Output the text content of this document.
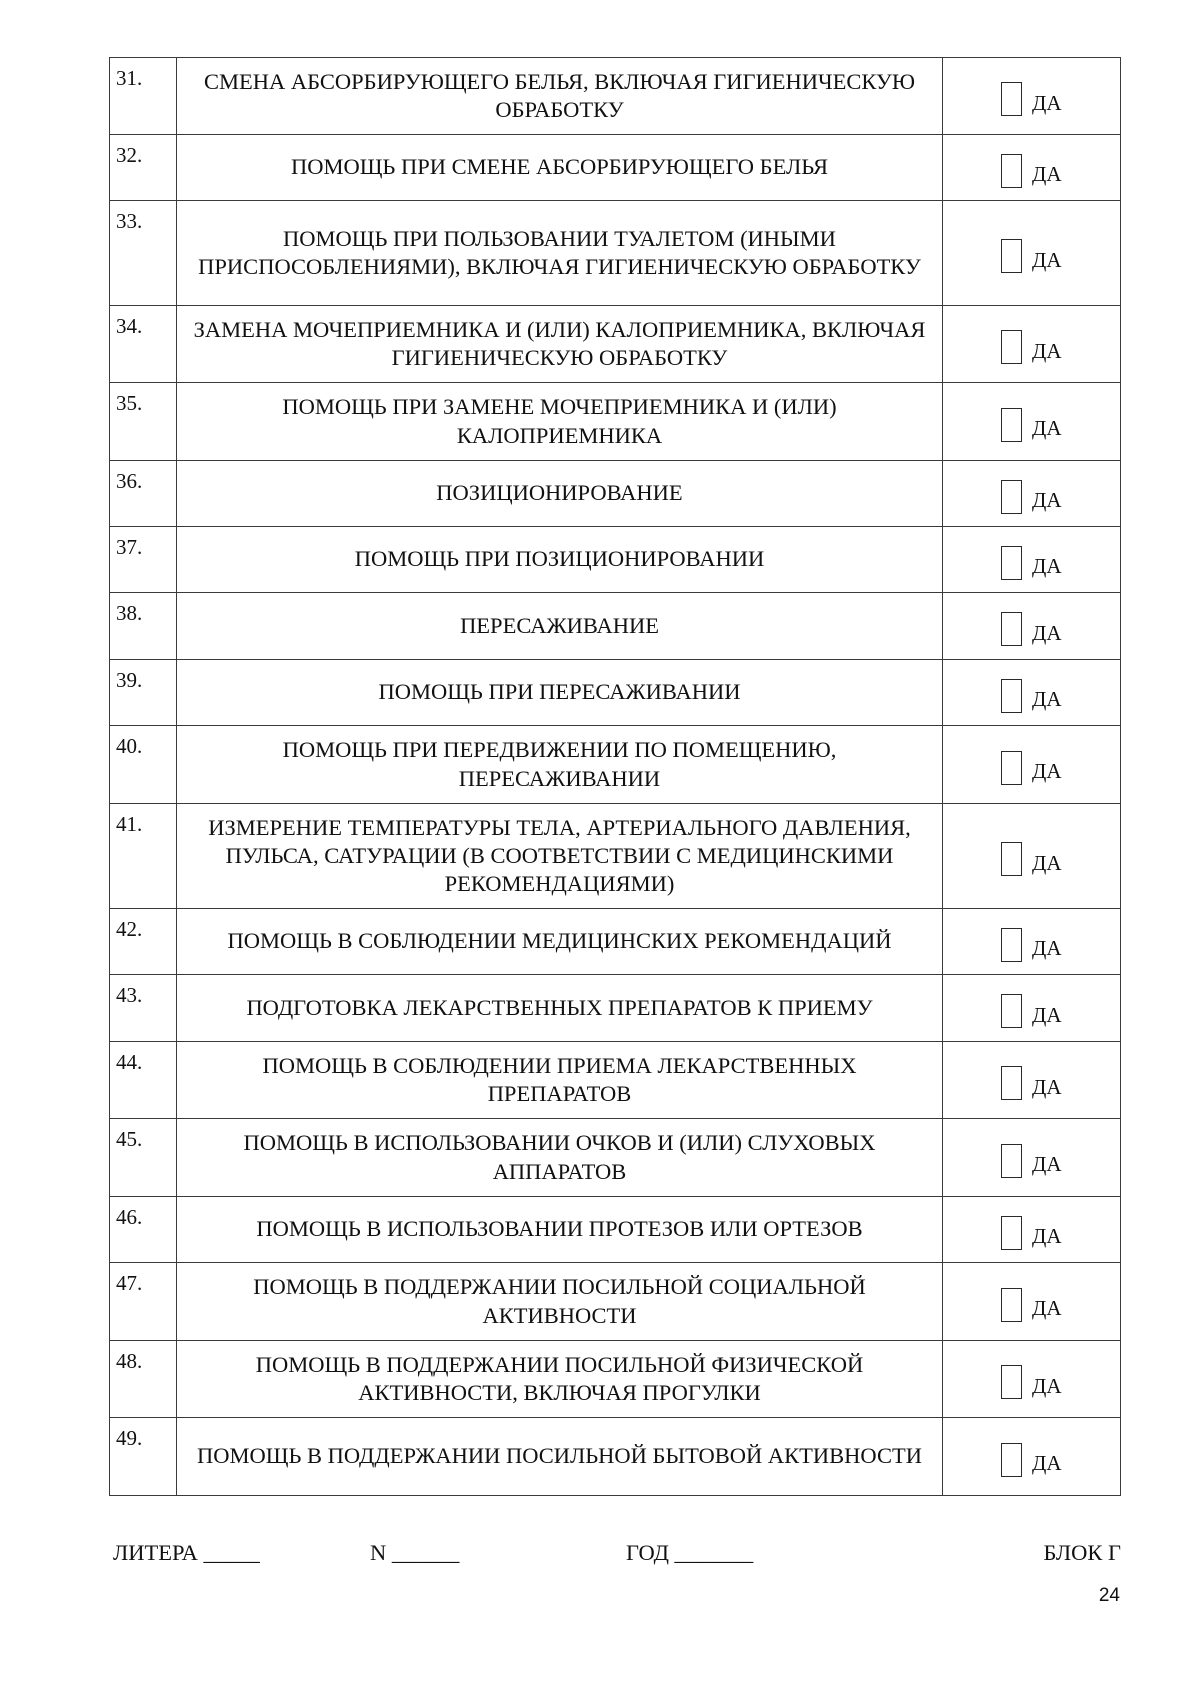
31.	СМЕНА АБСОРБИРУЮЩЕГО БЕЛЬЯ, ВКЛЮЧАЯ ГИГИЕНИЧЕСКУЮ ОБРАБОТКУ	ДА

32.	ПОМОЩЬ ПРИ СМЕНЕ АБСОРБИРУЮЩЕГО БЕЛЬЯ	ДА

33.	ПОМОЩЬ ПРИ ПОЛЬЗОВАНИИ ТУАЛЕТОМ (ИНЫМИ ПРИСПОСОБЛЕНИЯМИ), ВКЛЮЧАЯ ГИГИЕНИЧЕСКУЮ ОБРАБОТКУ	ДА

34.	ЗАМЕНА МОЧЕПРИЕМНИКА И (ИЛИ) КАЛОПРИЕМНИКА, ВКЛЮЧАЯ ГИГИЕНИЧЕСКУЮ ОБРАБОТКУ	ДА

35.	ПОМОЩЬ ПРИ ЗАМЕНЕ МОЧЕПРИЕМНИКА И (ИЛИ) КАЛОПРИЕМНИКА	ДА

36.	ПОЗИЦИОНИРОВАНИЕ	ДА

37.	ПОМОЩЬ ПРИ ПОЗИЦИОНИРОВАНИИ	ДА

38.	ПЕРЕСАЖИВАНИЕ	ДА

39.	ПОМОЩЬ ПРИ ПЕРЕСАЖИВАНИИ	ДА

40.	ПОМОЩЬ ПРИ ПЕРЕДВИЖЕНИИ ПО ПОМЕЩЕНИЮ, ПЕРЕСАЖИВАНИИ	ДА

41.	ИЗМЕРЕНИЕ ТЕМПЕРАТУРЫ ТЕЛА, АРТЕРИАЛЬНОГО ДАВЛЕНИЯ, ПУЛЬСА, САТУРАЦИИ (В СООТВЕТСТВИИ С МЕДИЦИНСКИМИ РЕКОМЕНДАЦИЯМИ)	ДА

42.	ПОМОЩЬ В СОБЛЮДЕНИИ МЕДИЦИНСКИХ РЕКОМЕНДАЦИЙ	ДА

43.	ПОДГОТОВКА ЛЕКАРСТВЕННЫХ ПРЕПАРАТОВ К ПРИЕМУ	ДА

44.	ПОМОЩЬ В СОБЛЮДЕНИИ ПРИЕМА ЛЕКАРСТВЕННЫХ ПРЕПАРАТОВ	ДА

45.	ПОМОЩЬ В ИСПОЛЬЗОВАНИИ ОЧКОВ И (ИЛИ) СЛУХОВЫХ АППАРАТОВ	ДА

46.	ПОМОЩЬ В ИСПОЛЬЗОВАНИИ ПРОТЕЗОВ ИЛИ ОРТЕЗОВ	ДА

47.	ПОМОЩЬ В ПОДДЕРЖАНИИ ПОСИЛЬНОЙ СОЦИАЛЬНОЙ АКТИВНОСТИ	ДА

48.	ПОМОЩЬ В ПОДДЕРЖАНИИ ПОСИЛЬНОЙ ФИЗИЧЕСКОЙ АКТИВНОСТИ, ВКЛЮЧАЯ ПРОГУЛКИ	ДА

49.	ПОМОЩЬ В ПОДДЕРЖАНИИ ПОСИЛЬНОЙ БЫТОВОЙ АКТИВНОСТИ	ДА
ЛИТЕРА _____	N ______	ГОД _______	БЛОК Г
24
